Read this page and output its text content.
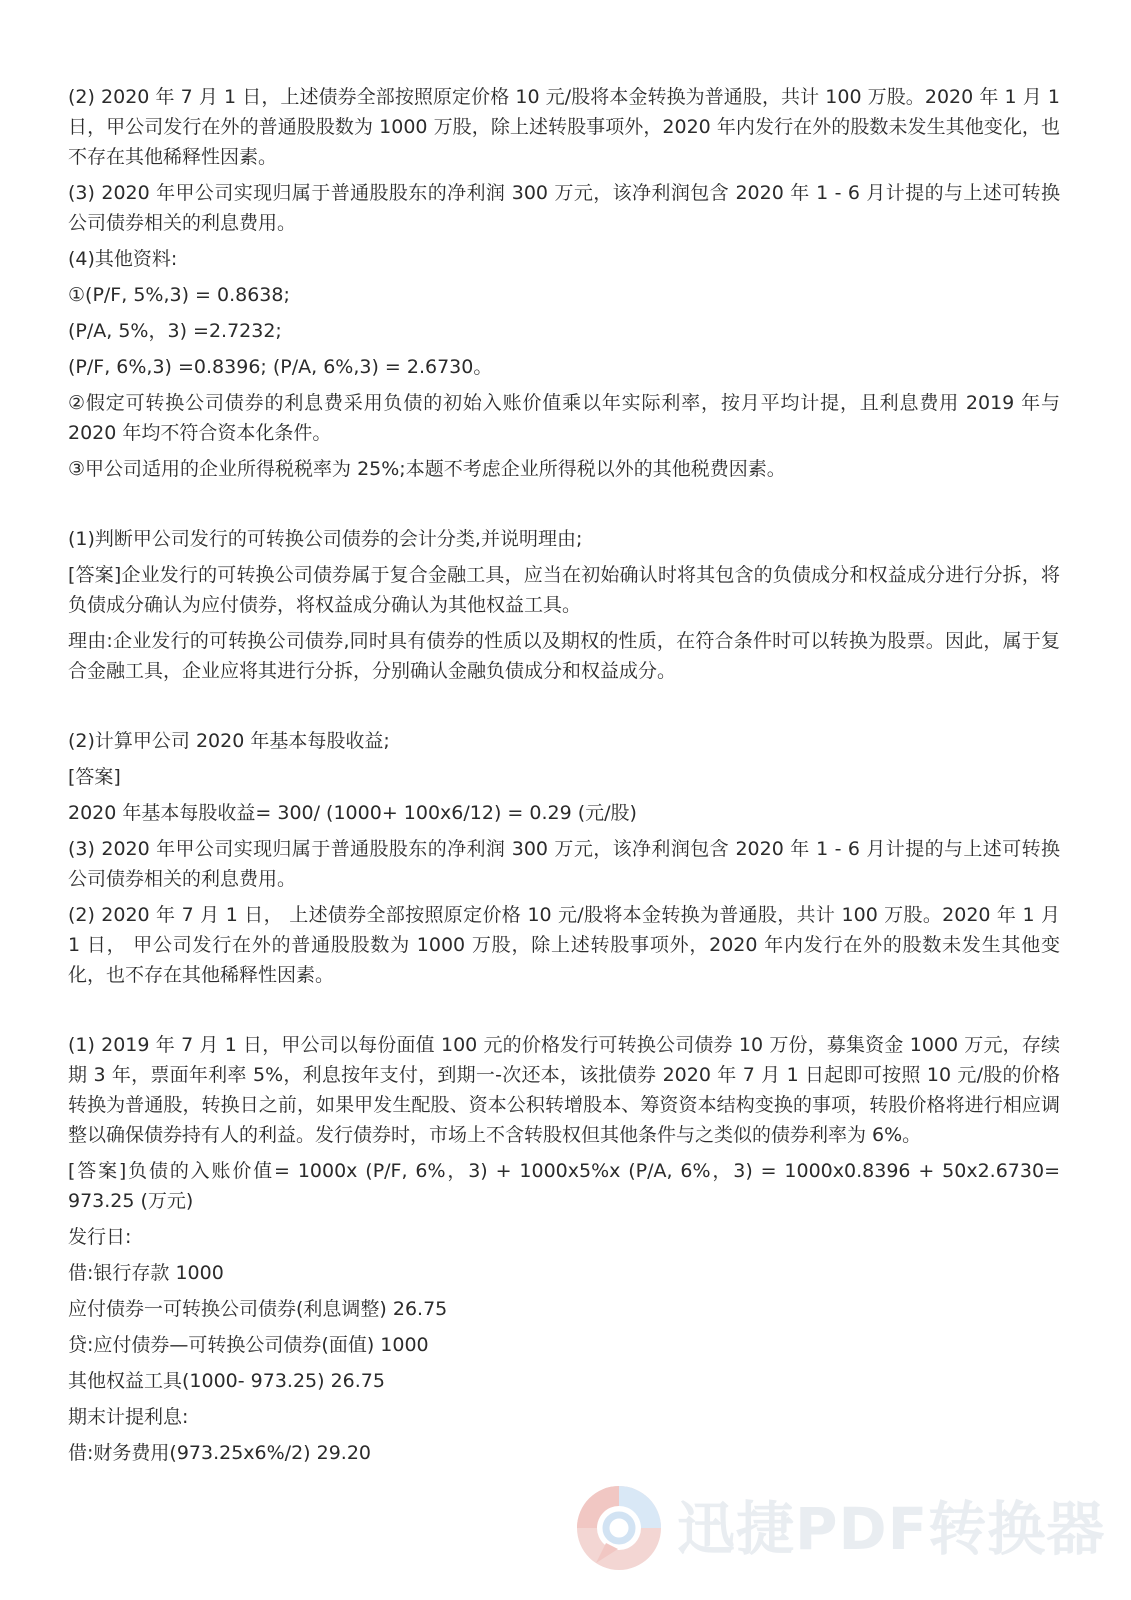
(2) 2020 年 7 月 1 日，上述债券全部按照原定价格 10 元/股将本金转换为普通股，共计 100 万股。2020 年 1 月 1 日，甲公司发行在外的普通股股数为 1000 万股，除上述转股事项外，2020 年内发行在外的股数未发生其他变化，也不存在其他稀释性因素。

(3) 2020 年甲公司实现归属于普通股股东的净利润 300 万元，该净利润包含 2020 年 1 - 6 月计提的与上述可转换公司债券相关的利息费用。

(4)其他资料:

①(P/F, 5%,3) = 0.8638;

(P/A, 5%，3) =2.7232;

(P/F, 6%,3) =0.8396; (P/A, 6%,3) = 2.6730。

②假定可转换公司债券的利息费采用负债的初始入账价值乘以年实际利率，按月平均计提，且利息费用 2019 年与 2020 年均不符合资本化条件。

③甲公司适用的企业所得税税率为 25%;本题不考虑企业所得税以外的其他税费因素。

(1)判断甲公司发行的可转换公司债券的会计分类,并说明理由;

[答案]企业发行的可转换公司债券属于复合金融工具，应当在初始确认时将其包含的负债成分和权益成分进行分拆，将负债成分确认为应付债券，将权益成分确认为其他权益工具。

理由:企业发行的可转换公司债券,同时具有债券的性质以及期权的性质，在符合条件时可以转换为股票。因此，属于复合金融工具，企业应将其进行分拆，分别确认金融负债成分和权益成分。

(2)计算甲公司 2020 年基本每股收益;

[答案]

2020 年基本每股收益= 300/ (1000+ 100x6/12) = 0.29 (元/股)

(3) 2020 年甲公司实现归属于普通股股东的净利润 300 万元，该净利润包含 2020 年 1 - 6 月计提的与上述可转换公司债券相关的利息费用。

(2) 2020 年 7 月 1 日， 上述债券全部按照原定价格 10 元/股将本金转换为普通股，共计 100 万股。2020 年 1 月 1 日， 甲公司发行在外的普通股股数为 1000 万股，除上述转股事项外，2020 年内发行在外的股数未发生其他变化，也不存在其他稀释性因素。

(1) 2019 年 7 月 1 日，甲公司以每份面值 100 元的价格发行可转换公司债券 10 万份，募集资金 1000 万元，存续期 3 年，票面年利率 5%，利息按年支付，到期一-次还本，该批债券 2020 年 7 月 1 日起即可按照 10 元/股的价格转换为普通股，转换日之前，如果甲发生配股、资本公积转增股本、筹资资本结构变换的事项，转股价格将进行相应调整以确保债券持有人的利益。发行债券时，市场上不含转股权但其他条件与之类似的债券利率为 6%。

[答案]负债的入账价值= 1000x (P/F, 6%，3) + 1000x5%x (P/A, 6%，3) = 1000x0.8396 + 50x2.6730= 973.25 (万元)

发行日:

借:银行存款 1000

应付债券一可转换公司债券(利息调整) 26.75

贷:应付债券—可转换公司债券(面值) 1000

其他权益工具(1000- 973.25) 26.75

期末计提利息:

借:财务费用(973.25x6%/2) 29.20

迅捷PDF转换器
